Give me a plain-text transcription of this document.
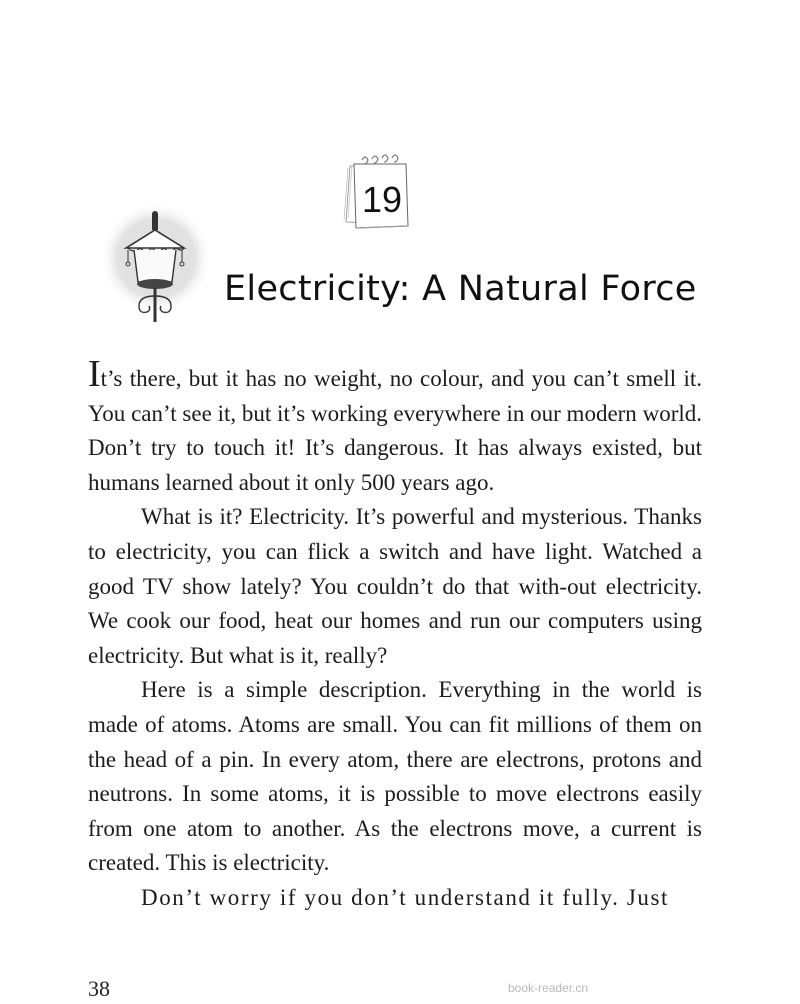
19
Electricity: A Natural Force

It’s there, but it has no weight, no colour, and you can’t smell it. You can’t see it, but it’s working everywhere in our modern world. Don’t try to touch it! It’s dangerous. It has always existed, but humans learned about it only 500 years ago.

What is it? Electricity. It’s powerful and mysterious. Thanks to electricity, you can flick a switch and have light. Watched a good TV show lately? You couldn’t do that with-out electricity. We cook our food, heat our homes and run our computers using electricity. But what is it, really?

Here is a simple description. Everything in the world is made of atoms. Atoms are small. You can fit millions of them on the head of a pin. In every atom, there are electrons, protons and neutrons. In some atoms, it is possible to move electrons easily from one atom to another. As the electrons move, a current is created. This is electricity.

Don’t worry if you don’t understand it fully. Just

38	book-reader.cn
